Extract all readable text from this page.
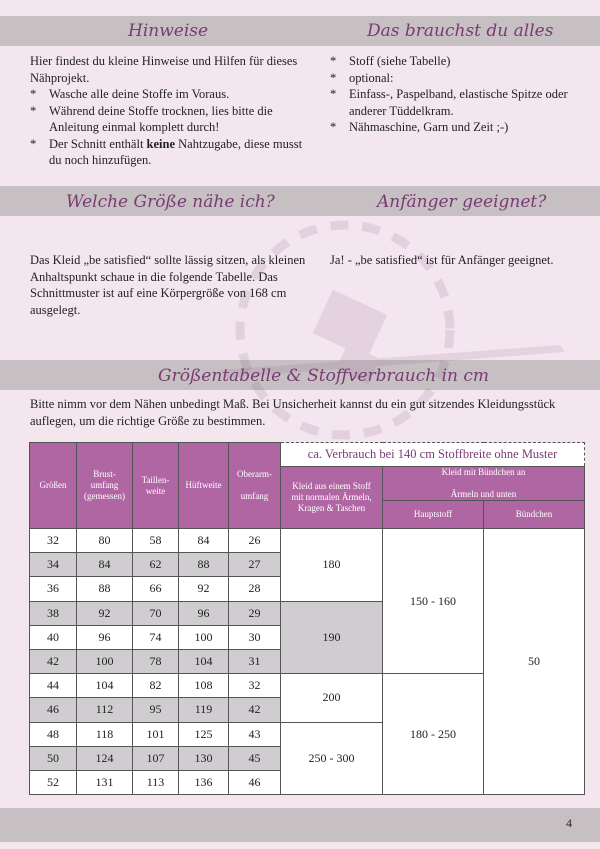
Hinweise
Hier findest du kleine Hinweise und Hilfen für dieses Nähprojekt.
*	Wasche alle deine Stoffe im Voraus.
*	Während deine Stoffe trocknen, lies bitte die Anleitung einmal komplett durch!
*	Der Schnitt enthält keine Nahtzugabe, diese musst du noch hinzufügen.
Das brauchst du alles
*	Stoff (siehe Tabelle)
*	optional:
*	Einfass-, Paspelband, elastische Spitze oder anderer Tüddelkram.
*	Nähmaschine, Garn und Zeit ;-)
Welche Größe nähe ich?
Das Kleid „be satisfied“ sollte lässig sitzen, als kleinen Anhaltspunkt schaue in die folgende Tabelle. Das Schnittmuster ist auf eine Körpergröße von 168 cm ausgelegt.
Anfänger geeignet?
Ja! - „be satisfied“ ist für Anfänger geeignet.
Größentabelle & Stoffverbrauch in cm
Bitte nimm vor dem Nähen unbedingt Maß. Bei Unsicherheit kannst du ein gut sitzendes Kleidungsstück auflegen, um die richtige Größe zu bestimmen.
Größen	Brust-
umfang
(gemessen)	Taillen-
weite	Hüftweite	Oberarm-

umfang	ca. Verbrauch bei 140 cm Stoffbreite ohne Muster		
					Kleid aus einem Stoff mit normalen Ärmeln, Kragen & Taschen	Kleid mit Bündchen an

Ärmeln und unten	
						Hauptstoff	Bündchen
32	80	58	84	26	180	150 - 160	50
34	84	62	88	27			
36	88	66	92	28			
38	92	70	96	29	190		
40	96	74	100	30			
42	100	78	104	31			
44	104	82	108	32	200	180 - 250	
46	112	95	119	42			
48	118	101	125	43	250 - 300		
50	124	107	130	45			
52	131	113	136	46			
4
